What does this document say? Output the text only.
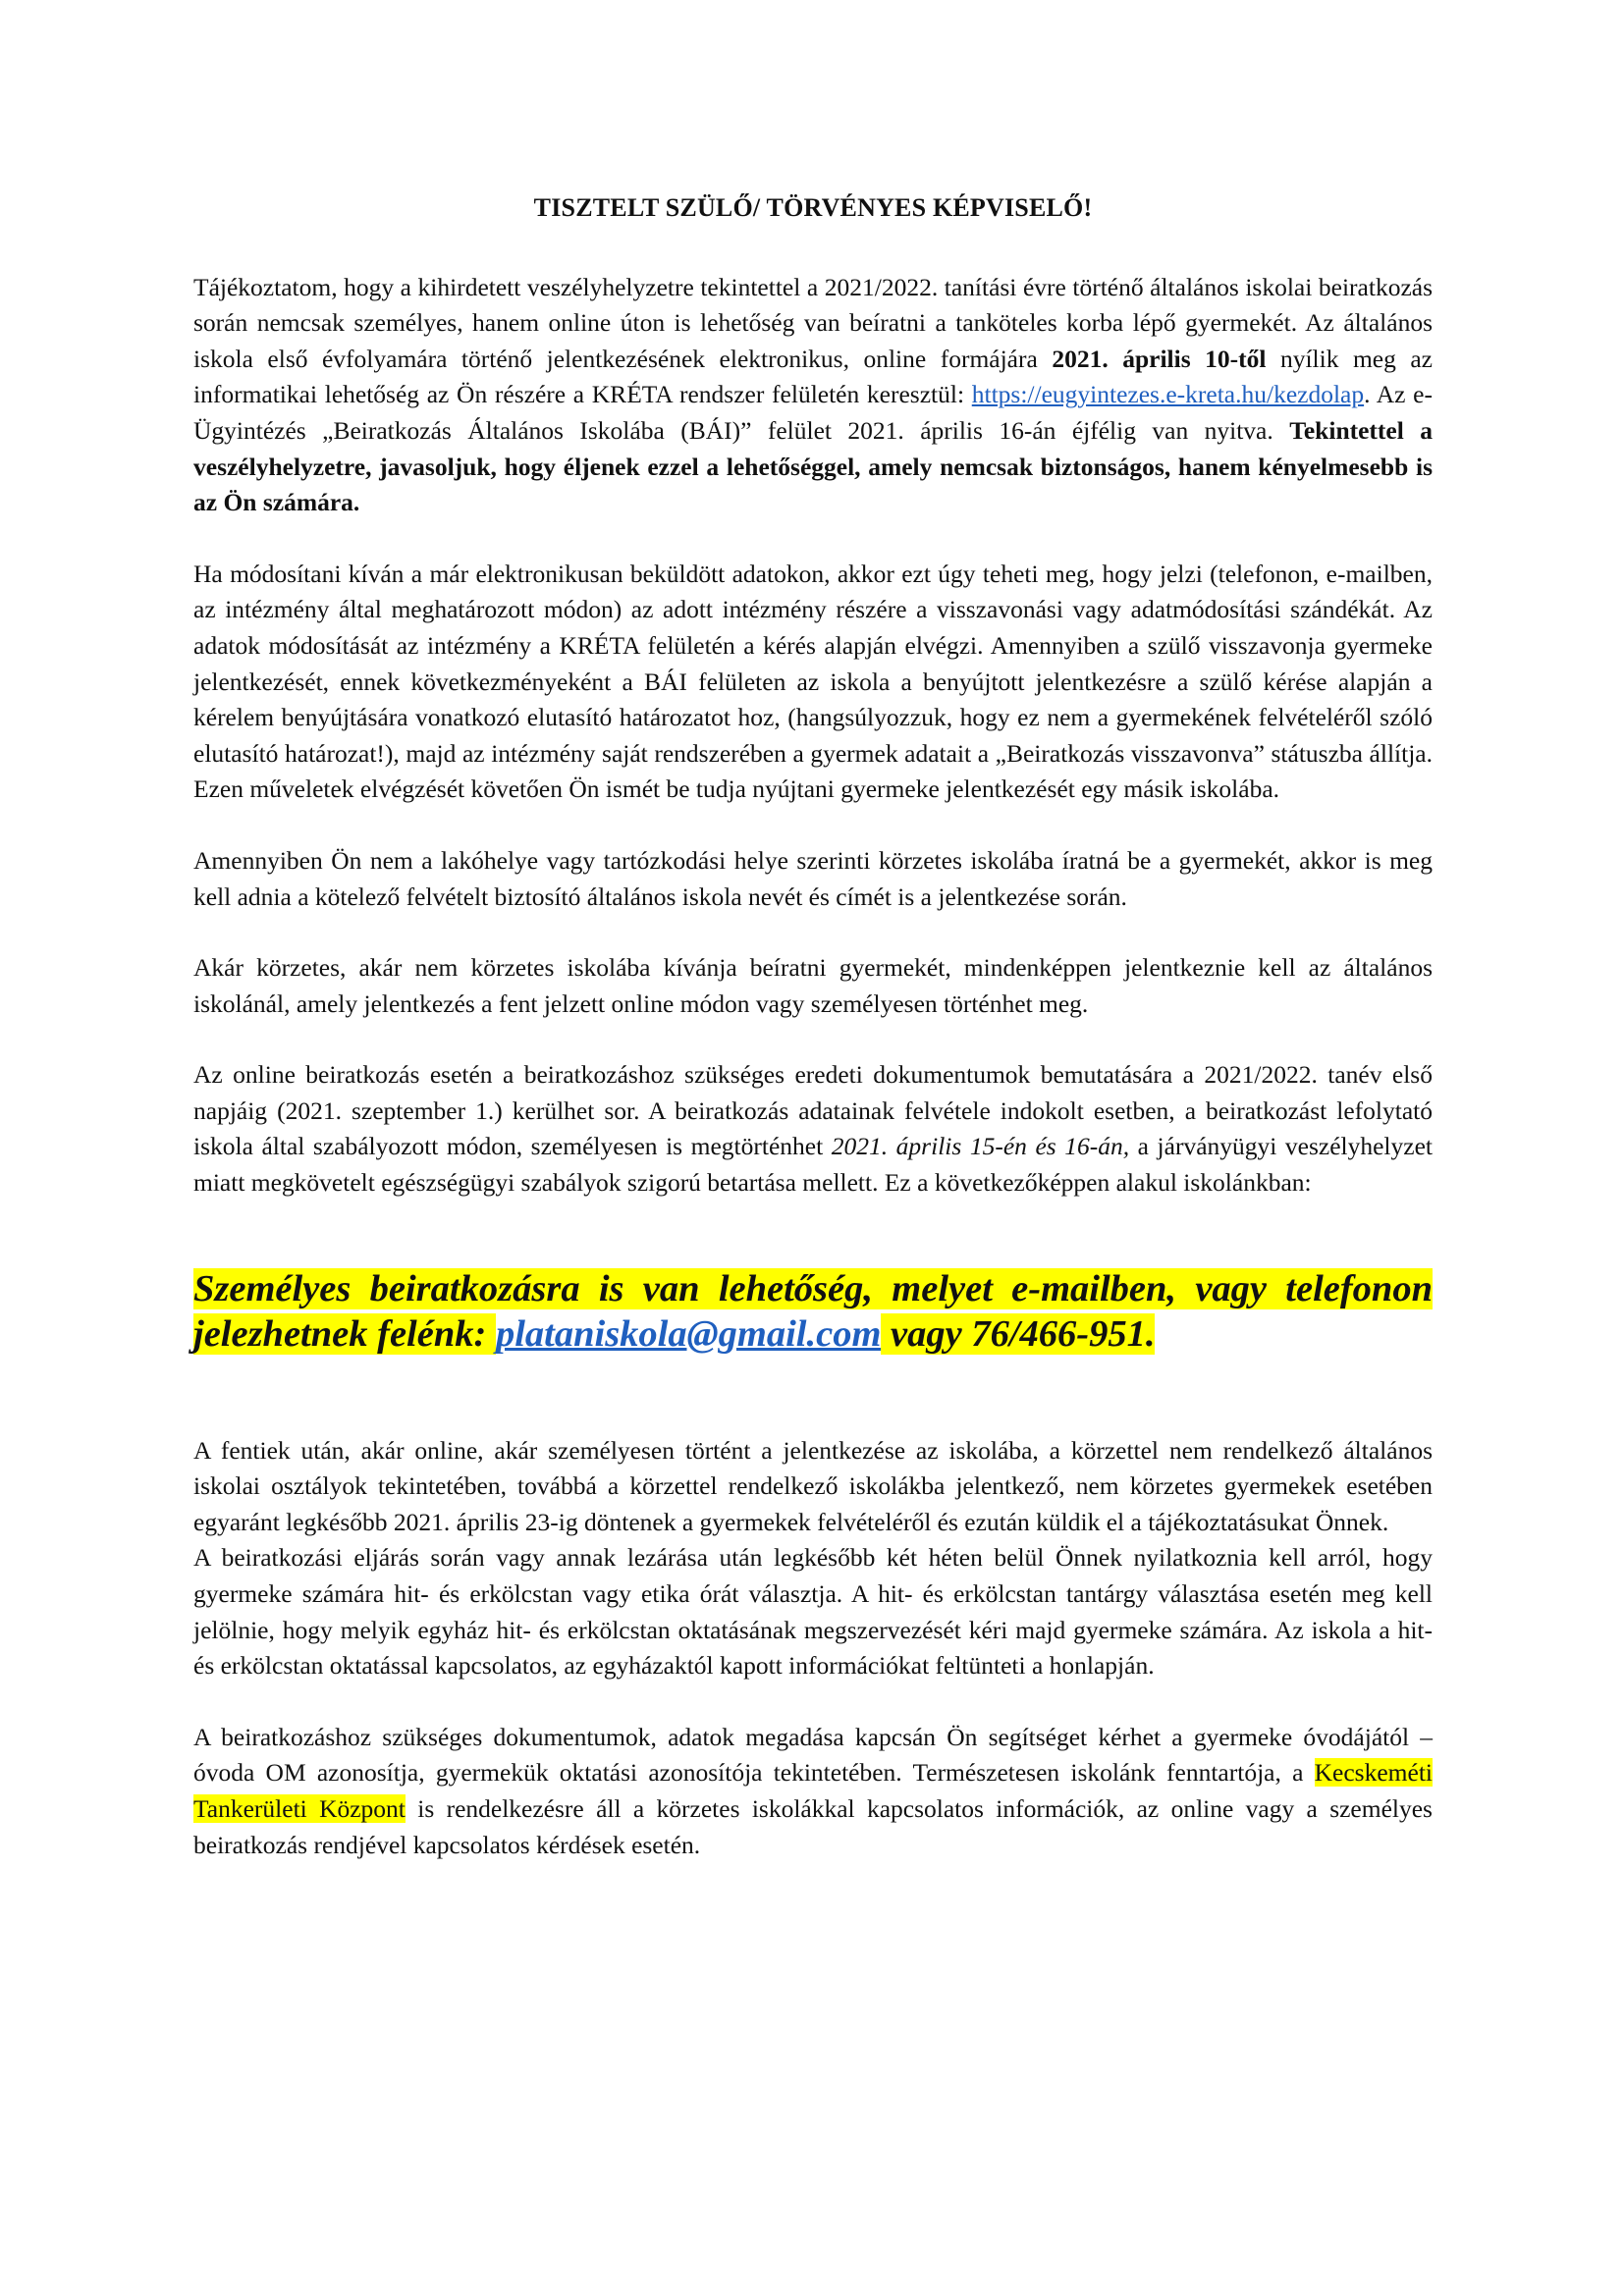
TISZTELT SZÜLŐ/ TÖRVÉNYES KÉPVISELŐ!

Tájékoztatom, hogy a kihirdetett veszélyhelyzetre tekintettel a 2021/2022. tanítási évre történő általános iskolai beiratkozás során nemcsak személyes, hanem online úton is lehetőség van beíratni a tanköteles korba lépő gyermekét. Az általános iskola első évfolyamára történő jelentkezésének elektronikus, online formájára 2021. április 10-től nyílik meg az informatikai lehetőség az Ön részére a KRÉTA rendszer felületén keresztül: https://eugyintezes.e-kreta.hu/kezdolap. Az e-Ügyintézés „Beiratkozás Általános Iskolába (BÁI)” felület 2021. április 16-án éjfélig van nyitva. Tekintettel a veszélyhelyzetre, javasoljuk, hogy éljenek ezzel a lehetőséggel, amely nemcsak biztonságos, hanem kényelmesebb is az Ön számára.

Ha módosítani kíván a már elektronikusan beküldött adatokon, akkor ezt úgy teheti meg, hogy jelzi (telefonon, e-mailben, az intézmény által meghatározott módon) az adott intézmény részére a visszavonási vagy adatmódosítási szándékát. Az adatok módosítását az intézmény a KRÉTA felületén a kérés alapján elvégzi. Amennyiben a szülő visszavonja gyermeke jelentkezését, ennek következményeként a BÁI felületen az iskola a benyújtott jelentkezésre a szülő kérése alapján a kérelem benyújtására vonatkozó elutasító határozatot hoz, (hangsúlyozzuk, hogy ez nem a gyermekének felvételéről szóló elutasító határozat!), majd az intézmény saját rendszerében a gyermek adatait a „Beiratkozás visszavonva” státuszba állítja. Ezen műveletek elvégzését követően Ön ismét be tudja nyújtani gyermeke jelentkezését egy másik iskolába.

Amennyiben Ön nem a lakóhelye vagy tartózkodási helye szerinti körzetes iskolába íratná be a gyermekét, akkor is meg kell adnia a kötelező felvételt biztosító általános iskola nevét és címét is a jelentkezése során.

Akár körzetes, akár nem körzetes iskolába kívánja beíratni gyermekét, mindenképpen jelentkeznie kell az általános iskolánál, amely jelentkezés a fent jelzett online módon vagy személyesen történhet meg.

Az online beiratkozás esetén a beiratkozáshoz szükséges eredeti dokumentumok bemutatására a 2021/2022. tanév első napjáig (2021. szeptember 1.) kerülhet sor. A beiratkozás adatainak felvétele indokolt esetben, a beiratkozást lefolytató iskola által szabályozott módon, személyesen is megtörténhet 2021. április 15-én és 16-án, a járványügyi veszélyhelyzet miatt megkövetelt egészségügyi szabályok szigorú betartása mellett. Ez a következőképpen alakul iskolánkban:

Személyes beiratkozásra is van lehetőség, melyet e-mailben, vagy telefonon jelezhetnek felénk: plataniskola@gmail.com vagy 76/466-951.

A fentiek után, akár online, akár személyesen történt a jelentkezése az iskolába, a körzettel nem rendelkező általános iskolai osztályok tekintetében, továbbá a körzettel rendelkező iskolákba jelentkező, nem körzetes gyermekek esetében egyaránt legkésőbb 2021. április 23-ig döntenek a gyermekek felvételéről és ezután küldik el a tájékoztatásukat Önnek.

A beiratkozási eljárás során vagy annak lezárása után legkésőbb két héten belül Önnek nyilatkoznia kell arról, hogy gyermeke számára hit- és erkölcstan vagy etika órát választja. A hit- és erkölcstan tantárgy választása esetén meg kell jelölnie, hogy melyik egyház hit- és erkölcstan oktatásának megszervezését kéri majd gyermeke számára. Az iskola a hit- és erkölcstan oktatással kapcsolatos, az egyházaktól kapott információkat feltünteti a honlapján.

A beiratkozáshoz szükséges dokumentumok, adatok megadása kapcsán Ön segítséget kérhet a gyermeke óvodájától – óvoda OM azonosítja, gyermekük oktatási azonosítója tekintetében. Természetesen iskolánk fenntartója, a Kecskeméti Tankerületi Központ is rendelkezésre áll a körzetes iskolákkal kapcsolatos információk, az online vagy a személyes beiratkozás rendjével kapcsolatos kérdések esetén.
